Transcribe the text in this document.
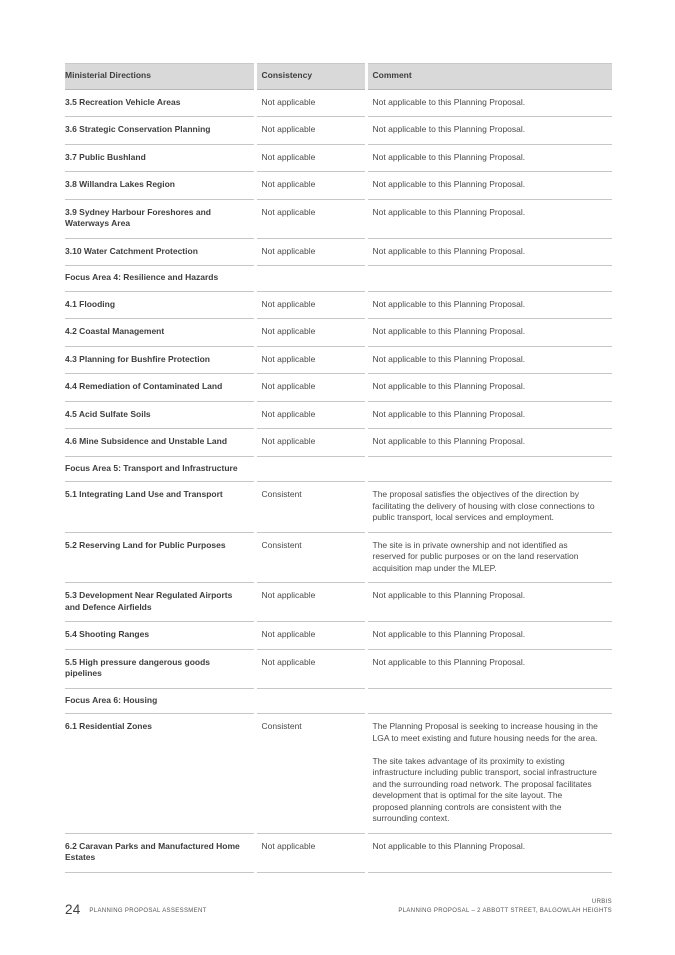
Ministerial Directions	Consistency	Comment
3.5 Recreation Vehicle Areas	Not applicable	Not applicable to this Planning Proposal.

3.6 Strategic Conservation Planning	Not applicable	Not applicable to this Planning Proposal.

3.7 Public Bushland	Not applicable	Not applicable to this Planning Proposal.

3.8 Willandra Lakes Region	Not applicable	Not applicable to this Planning Proposal.

3.9 Sydney Harbour Foreshores and Waterways Area	Not applicable	Not applicable to this Planning Proposal.

3.10 Water Catchment Protection	Not applicable	Not applicable to this Planning Proposal.

Focus Area 4: Resilience and Hazards		
4.1 Flooding	Not applicable	Not applicable to this Planning Proposal.

4.2 Coastal Management	Not applicable	Not applicable to this Planning Proposal.

4.3 Planning for Bushfire Protection	Not applicable	Not applicable to this Planning Proposal.

4.4 Remediation of Contaminated Land	Not applicable	Not applicable to this Planning Proposal.

4.5 Acid Sulfate Soils	Not applicable	Not applicable to this Planning Proposal.

4.6 Mine Subsidence and Unstable Land	Not applicable	Not applicable to this Planning Proposal.

Focus Area 5: Transport and Infrastructure		
5.1 Integrating Land Use and Transport	Consistent	The proposal satisfies the objectives of the direction by facilitating the delivery of housing with close connections to public transport, local services and employment.

5.2 Reserving Land for Public Purposes	Consistent	The site is in private ownership and not identified as reserved for public purposes or on the land reservation acquisition map under the MLEP.

5.3 Development Near Regulated Airports and Defence Airfields	Not applicable	Not applicable to this Planning Proposal.

5.4 Shooting Ranges	Not applicable	Not applicable to this Planning Proposal.

5.5 High pressure dangerous goods pipelines	Not applicable	Not applicable to this Planning Proposal.

Focus Area 6: Housing		
6.1 Residential Zones	Consistent	The Planning Proposal is seeking to increase housing in the LGA to meet existing and future housing needs for the area.
The site takes advantage of its proximity to existing infrastructure including public transport, social infrastructure and the surrounding road network. The proposal facilitates development that is optimal for the site layout. The proposed planning controls are consistent with the surrounding context.

6.2 Caravan Parks and Manufactured Home Estates	Not applicable	Not applicable to this Planning Proposal.
24 PLANNING PROPOSAL ASSESSMENT
URBIS
PLANNING PROPOSAL – 2 ABBOTT STREET, BALGOWLAH HEIGHTS
